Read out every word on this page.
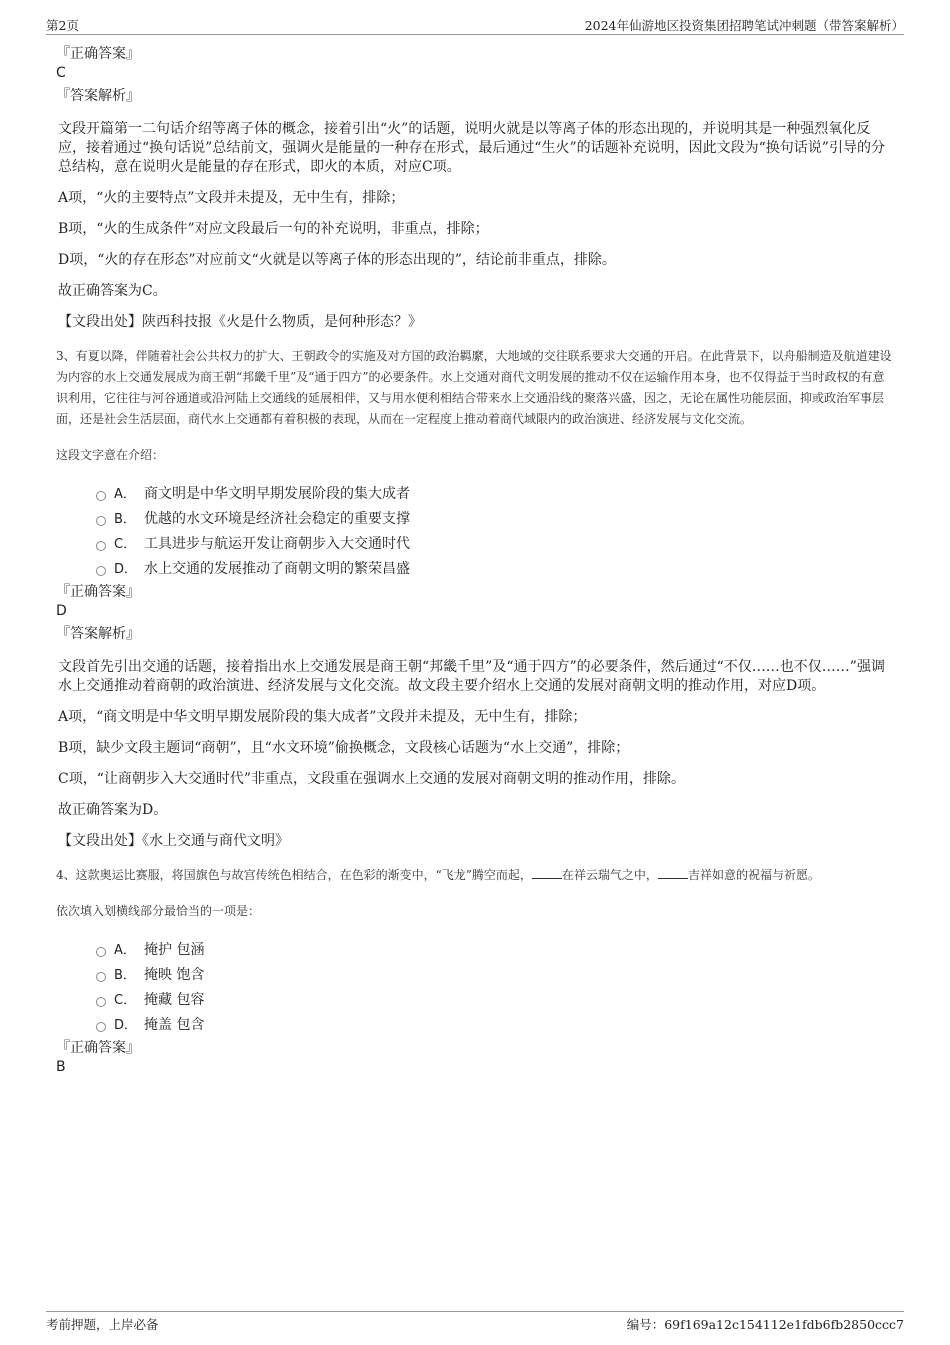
第2页	2024年仙游地区投资集团招聘笔试冲刺题（带答案解析）
『正确答案』
C
『答案解析』
文段开篇第一二句话介绍等离子体的概念，接着引出“火”的话题，说明火就是以等离子体的形态出现的，并说明其是一种强烈氧化反应，接着通过“换句话说”总结前文，强调火是能量的一种存在形式，最后通过“生火”的话题补充说明，因此文段为“换句话说”引导的分总结构，意在说明火是能量的存在形式，即火的本质，对应C项。
A项，“火的主要特点”文段并未提及，无中生有，排除；
B项，“火的生成条件”对应文段最后一句的补充说明，非重点，排除；
D项，“火的存在形态”对应前文“火就是以等离子体的形态出现的”，结论前非重点，排除。
故正确答案为C。
【文段出处】陕西科技报《火是什么物质，是何种形态？》
3、有夏以降，伴随着社会公共权力的扩大、王朝政令的实施及对方国的政治羁縻，大地域的交往联系要求大交通的开启。在此背景下，以舟船制造及航道建设为内容的水上交通发展成为商王朝“邦畿千里”及“通于四方”的必要条件。水上交通对商代文明发展的推动不仅在运输作用本身，也不仅得益于当时政权的有意识利用，它往往与河谷通道或沿河陆上交通线的延展相伴，又与用水便利相结合带来水上交通沿线的聚落兴盛，因之，无论在属性功能层面，抑或政治军事层面，还是社会生活层面，商代水上交通都有着积极的表现，从而在一定程度上推动着商代域限内的政治演进、经济发展与文化交流。
这段文字意在介绍：
A． 商文明是中华文明早期发展阶段的集大成者
B． 优越的水文环境是经济社会稳定的重要支撑
C． 工具进步与航运开发让商朝步入大交通时代
D． 水上交通的发展推动了商朝文明的繁荣昌盛
『正确答案』
D
『答案解析』
文段首先引出交通的话题，接着指出水上交通发展是商王朝“邦畿千里”及“通于四方”的必要条件，然后通过“不仅……也不仅……”强调水上交通推动着商朝的政治演进、经济发展与文化交流。故文段主要介绍水上交通的发展对商朝文明的推动作用，对应D项。
A项，“商文明是中华文明早期发展阶段的集大成者”文段并未提及，无中生有，排除；
B项，缺少文段主题词“商朝”，且“水文环境”偷换概念，文段核心话题为“水上交通”，排除；
C项，“让商朝步入大交通时代”非重点，文段重在强调水上交通的发展对商朝文明的推动作用，排除。
故正确答案为D。
【文段出处】《水上交通与商代文明》
4、这款奥运比赛服，将国旗色与故宫传统色相结合，在色彩的渐变中，“飞龙”腾空而起，	在祥云瑞气之中，	吉祥如意的祝福与祈愿。
依次填入划横线部分最恰当的一项是：
A． 掩护 包涵
B． 掩映 饱含
C． 掩藏 包容
D． 掩盖 包含
『正确答案』
B
考前押题，上岸必备	编号：69f169a12c154112e1fdb6fb2850ccc7
